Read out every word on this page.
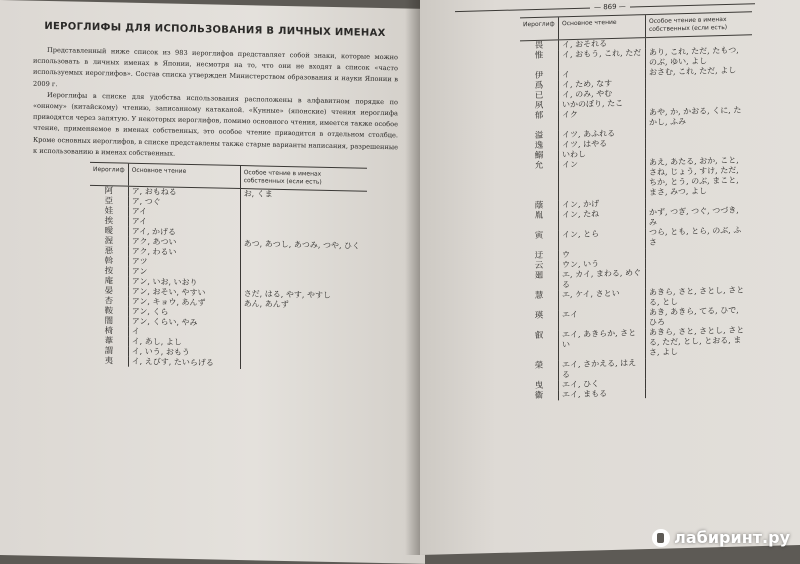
ИЕРОГЛИФЫ ДЛЯ ИСПОЛЬЗОВАНИЯ В ЛИЧНЫХ ИМЕНАХ

Представленный ниже список из 983 иероглифов представляет собой знаки, которые можно использовать в личных именах в Японии, несмотря на то, что они не входят в список «часто используемых иероглифов». Состав списка утвержден Министерством образования и науки Японии в 2009 г.

Иероглифы в списке для удобства использования расположены в алфавитном порядке по «онному» (китайскому) чтению, записанному катаканой. «Кунные» (японские) чтения иероглифа приводятся через запятую. У некоторых иероглифов, помимо основного чтения, имеется также особое чтение, применяемое в именах собственных, это особое чтение приводится в отдельном столбце. Кроме основных иероглифов, в списке представлены также старые варианты написания, разрешенные к использованию в именах собственных.

Иероглиф	Основное чтение	Особое чтение в именах собственных (если есть)
阿	ア, おもねる	お, くま
亞	ア, つぐ	
娃	アイ	
挨	アイ	
曖	アイ, かげる	
渥	アク, あつい	あつ, あつし, あつみ, つや, ひく
惡	アク, わるい	
斡	アツ	
按	アン	
庵	アン, いお, いおり	
晏	アン, おそい, やすい	さだ, はる, やす, やすし
杏	アン, キョウ, あんず	あん, あんず
鞍	アン, くら	
闇	アン, くらい, やみ	
椅	イ	
葦	イ, あし, よし	
謂	イ, いう, おもう	
夷	イ, えびす, たいらげる	
— 869 —
Иероглиф	Основное чтение	Особое чтение в именах собственных (если есть)
畏	イ, おそれる	
惟	イ, おもう, これ, ただ	あり, これ, ただ, たもつ, のぶ, ゆい, よし
伊	イ	おさむ, これ, ただ, よし
爲	イ, ため, なす	
已	イ, のみ, やむ	
夙	いかのぼり, たこ	
郁	イク	あや, か, かおる, くに, たかし, ふみ
溢	イツ, あふれる	
逸	イツ, はやる	
鰯	いわし	
允	イン	あえ, あたる, おか, こと, さね, じょう, すけ, ただ, ちか, とう, のぶ, まこと, まさ, みつ, よし
蔭	イン, かげ	
胤	イン, たね	かず, つぎ, つぐ, つづき, み
寅	イン, とら	つら, とも, とら, のぶ, ふさ
迂	ウ	
云	ウン, いう	
廻	エ, カイ, まわる, めぐる	
慧	エ, ケイ, さとい	あきら, さと, さとし, さとる, とし
瑛	エイ	あき, あきら, てる, ひで, ひろ
叡	エイ, あきらか, さとい	あきら, さと, さとし, さとる, ただ, とし, とおる, まさ, よし
榮	エイ, さかえる, はえる	
曳	エイ, ひく	
衞	エイ, まもる	
лабиринт.ру
